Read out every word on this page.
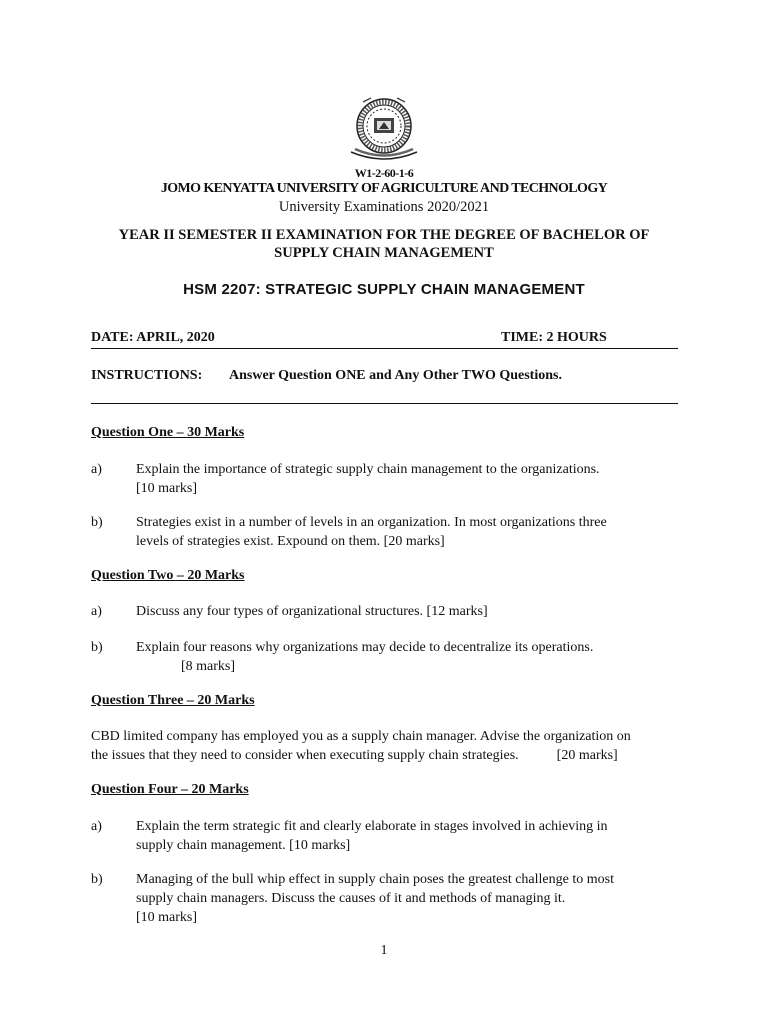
W1-2-60-1-6
JOMO KENYATTA UNIVERSITY OF AGRICULTURE AND TECHNOLOGY
University Examinations 2020/2021
YEAR II SEMESTER II EXAMINATION FOR THE DEGREE OF BACHELOR OF
SUPPLY CHAIN MANAGEMENT
HSM 2207: STRATEGIC SUPPLY CHAIN MANAGEMENT
DATE: APRIL, 2020	TIME: 2 HOURS
INSTRUCTIONS: Answer Question ONE and Any Other TWO Questions.
Question One – 30 Marks
a) Explain the importance of strategic supply chain management to the organizations.
[10 marks]
b) Strategies exist in a number of levels in an organization. In most organizations three
levels of strategies exist. Expound on them. [20 marks]
Question Two – 20 Marks
a) Discuss any four types of organizational structures. [12 marks]
b) Explain four reasons why organizations may decide to decentralize its operations.
[8 marks]
Question Three – 20 Marks
CBD limited company has employed you as a supply chain manager. Advise the organization on
the issues that they need to consider when executing supply chain strategies.	[20 marks]
Question Four – 20 Marks
a) Explain the term strategic fit and clearly elaborate in stages involved in achieving in
supply chain management. [10 marks]
b) Managing of the bull whip effect in supply chain poses the greatest challenge to most
supply chain managers. Discuss the causes of it and methods of managing it.
[10 marks]
1
